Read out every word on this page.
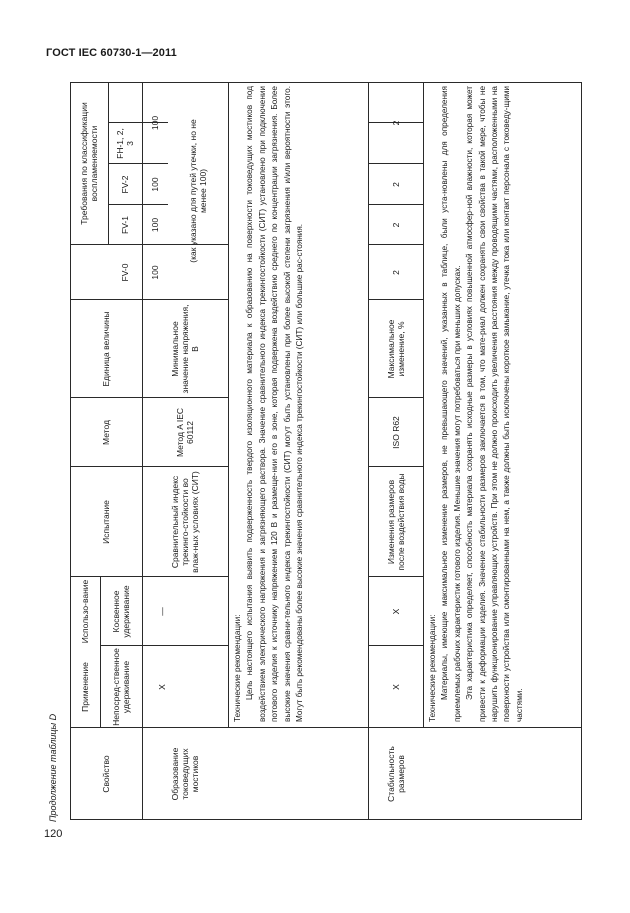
ГОСТ IEC 60730-1—2011
120
Продолжение таблицы D	Свойство
Применение
Использо-вание
Непосред-ственное удерживание
Косвенное удерживание
Испытание
Метод
Единица величины
Требования по классификации воспламеняемости
FV-0
FV-1
FV-2
FH-1, 2, 3
Образование токоведущих мостиков
X
—
Сравнительный индекс трекинго-стойкости во влаж-ных условиях (СИТ)
Метод A IEC 60112
Минимальное значение напряжения, В
100
100
100
100	(как указано для путей утечки, но не менее 100)

Технические рекомендации: Цель настоящего испытания выявить подверженность твердого изоляционного материала к образованию на поверхности токоведущих мостиков под воздействием электрического напряжения и загрязняющего раствора. Значение сравнительного индекса трекингостойкости (СИТ) установлено при подключении потового изделия к источнику напряжением 120 В и размеще-нии его в зоне, которая подвержена воздействию среднего по концентрации загрязнения. Более высокие значения сравни-тельного индекса трекингостойкости (СИТ) могут быть установлены при более высокой степени загрязнения и/или вероятности этого. Могут быть рекомендованы более высокие значения сравнительного индекса трекингостойкости (СИТ) или большие рас-стояния.

Стабильность размеров
X
X
Изменения размеров после воздействия воды
ISO R62
Максимальное изменение, %
2
2
2
2

Технические рекомендации: Материалы, имеющие максимальное изменение размеров, не превышающего значений, указанных в таблице, были уста-новлены для определения приемлемых рабочих характеристик готового изделия. Меньшие значения могут потребоваться при меньших допусках. Эта характеристика определяет, способность материала сохранять исходные размеры в условиях повышенной атмосфер-ной влажности, которая может привести к деформации изделия. Значение стабильности размеров заключается в том, что мате-риал должен сохранять свои свойства в такой мере, чтобы не нарушить функционирование управляющих устройств. При этом не должно происходить увеличения расстояния между проводящими частями, расположенными на поверхности устройства или смонтированными на нем, а также должны быть исключены короткое замыкание, утечка тока или контакт персонала с токоведу-щими частями.
